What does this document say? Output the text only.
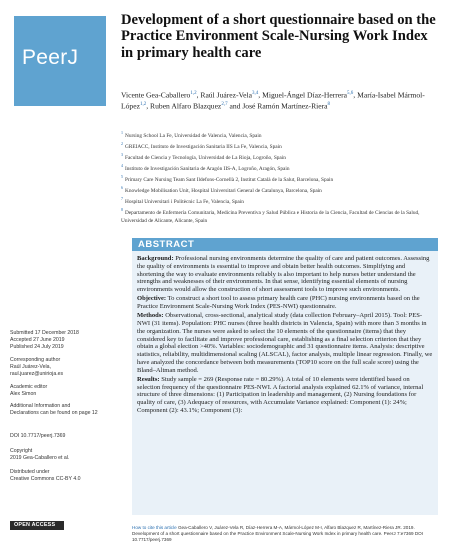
PeerJ
Development of a short questionnaire based on the Practice Environment Scale-Nursing Work Index in primary health care
Vicente Gea-Caballero$^{1,2}$, Raúl Juárez-Vela$^{3,4}$, Miguel-Ángel Díaz-Herrera$^{5,6}$, María-Isabel Mármol-López$^{1,2}$, Ruben Alfaro Blazquez$^{2,7}$ and José Ramón Martínez-Riera$^8$
$^1$Nursing School La Fe, Universidad de Valencia, Valencia, Spain
$^2$GREIACC, Instituto de Investigación Sanitaria IIS La Fe, Valencia, Spain
$^3$Facultad de Ciencia y Tecnología, Universidad de La Rioja, Logroño, Spain
$^4$Instituto de Investigación Sanitaria de Aragón IIS-A, Logroño, Aragón, Spain
$^5$Primary Care Nursing Team Sant Ildefons-Cornellà 2, Institut Català de la Salut, Barcelona, Spain
$^6$Knowledge Mobilisation Unit, Hospital Universitari General de Catalunya, Barcelona, Spain
$^7$Hospital Universitari i Politècnic La Fe, Valencia, Spain
$^8$Departamento de Enfermería Comunitaria, Medicina Preventiva y Salud Pública e Historia de la Ciencia, Facultad de Ciencias de la Salud, Universidad de Alicante, Alicante, Spain
Submitted 17 December 2018
Accepted 27 June 2019
Published 24 July 2019
Corresponding author
Raúl Juárez-Vela,
raul.juarez@unirioja.es
Academic editor
Alex Simon
Additional Information and Declarations can be found on page 12
DOI 10.7717/peerj.7369
Copyright
2019 Gea-Caballero et al.
Distributed under
Creative Commons CC-BY 4.0
OPEN ACCESS
ABSTRACT

Background: Professional nursing environments determine the quality of care and patient outcomes. Assessing the quality of environments is essential to improve and obtain better health outcomes. Simplifying and shortening the way to evaluate environments reliably is also important to help nurses better understand the strengths and weaknesses of their environments. In that sense, identifying essential elements of nursing environments would allow the construction of short assessment tools to improve such environments.

Objective: To construct a short tool to assess primary health care (PHC) nursing environments based on the Practice Environment Scale-Nursing Work Index (PES-NWI) questionnaire.

Methods: Observational, cross-sectional, analytical study (data collection February–April 2015). Tool: PES-NWI (31 items). Population: PHC nurses (three health districts in Valencia, Spain) with more than 3 months in the organization. The nurses were asked to select the 10 elements of the questionnaire (items) that they considered key to facilitate and improve professional care, establishing as a final selection criterion that they obtain a global election >40%. Variables: sociodemographic and 31 questionnaire items. Analysis: descriptive statistics, reliability, multidimensional scaling (ALSCAL), factor analysis, multiple linear regression. Finally, we have analyzed the concordance between both measurements (TOP10 score on the full scale score) using the Bland–Altman method.

Results: Study sample = 269 (Response rate = 80.29%). A total of 10 elements were identified based on selection frequency of the questionnaire PES-NWI. A factorial analysis explained 62.1% of variance, internal structure of three dimensions: (1) Participation in leadership and management, (2) Nursing foundations for quality of care, (3) Adequacy of resources, with Accumulate Variance explained: Component (1): 24%; Component (2): 43.1%; Component (3):

How to cite this article Gea-Caballero V, Juárez-Vela R, Díaz-Herrera M-A, Mármol-López M-I, Alfaro Blazquez R, Martínez-Riera JR. 2019. Development of a short questionnaire based on the Practice Environment Scale-Nursing Work Index in primary health care. PeerJ 7:e7369 DOI 10.7717/peerj.7369
